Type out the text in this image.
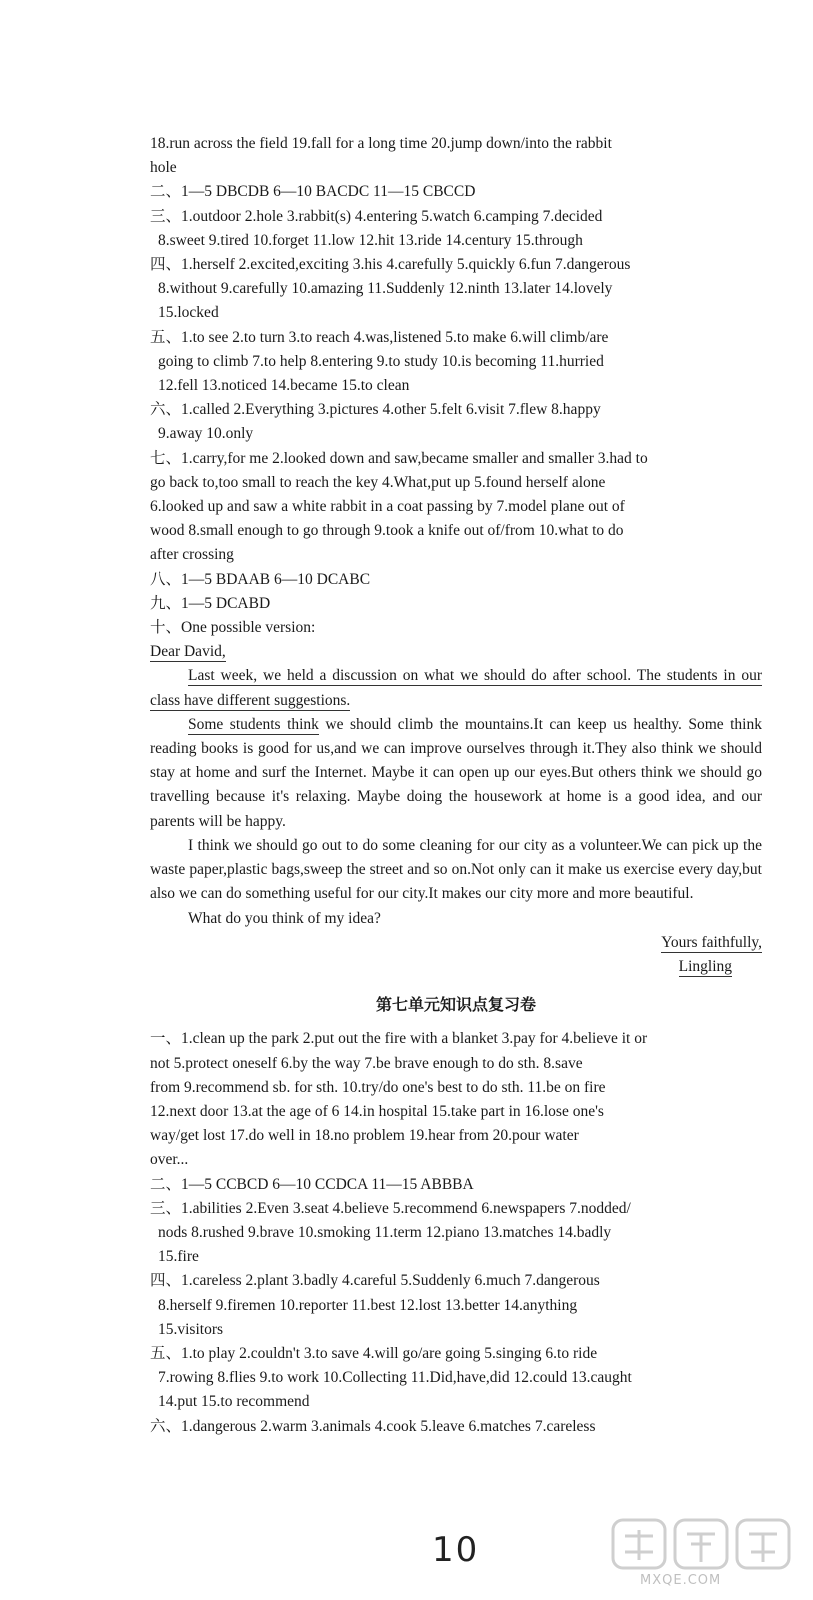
18.run across the field 19.fall for a long time 20.jump down/into the rabbit
hole
二、1—5 DBCDB 6—10 BACDC 11—15 CBCCD
三、1.outdoor 2.hole 3.rabbit(s) 4.entering 5.watch 6.camping 7.decided
8.sweet 9.tired 10.forget 11.low 12.hit 13.ride 14.century 15.through
四、1.herself 2.excited,exciting 3.his 4.carefully 5.quickly 6.fun 7.dangerous
8.without 9.carefully 10.amazing 11.Suddenly 12.ninth 13.later 14.lovely
15.locked
五、1.to see 2.to turn 3.to reach 4.was,listened 5.to make 6.will climb/are
going to climb 7.to help 8.entering 9.to study 10.is becoming 11.hurried
12.fell 13.noticed 14.became 15.to clean
六、1.called 2.Everything 3.pictures 4.other 5.felt 6.visit 7.flew 8.happy
9.away 10.only
七、1.carry,for me 2.looked down and saw,became smaller and smaller 3.had to
go back to,too small to reach the key 4.What,put up 5.found herself alone
6.looked up and saw a white rabbit in a coat passing by 7.model plane out of
wood 8.small enough to go through 9.took a knife out of/from 10.what to do
after crossing
八、1—5 BDAAB 6—10 DCABC
九、1—5 DCABD
十、One possible version:
Dear David,
Last week, we held a discussion on what we should do after school. The students in our class have different suggestions.
Some students think we should climb the mountains.It can keep us healthy. Some think reading books is good for us,and we can improve ourselves through it.They also think we should stay at home and surf the Internet. Maybe it can open up our eyes.But others think we should go travelling because it's relaxing. Maybe doing the housework at home is a good idea, and our parents will be happy.
I think we should go out to do some cleaning for our city as a volunteer.We can pick up the waste paper,plastic bags,sweep the street and so on.Not only can it make us exercise every day,but also we can do something useful for our city.It makes our city more and more beautiful.
What do you think of my idea?
Yours faithfully,
Lingling
第七单元知识点复习卷
一、1.clean up the park 2.put out the fire with a blanket 3.pay for 4.believe it or
not 5.protect oneself 6.by the way 7.be brave enough to do sth. 8.save
from 9.recommend sb. for sth. 10.try/do one's best to do sth. 11.be on fire
12.next door 13.at the age of 6 14.in hospital 15.take part in 16.lose one's
way/get lost 17.do well in 18.no problem 19.hear from 20.pour water
over...
二、1—5 CCBCD 6—10 CCDCA 11—15 ABBBA
三、1.abilities 2.Even 3.seat 4.believe 5.recommend 6.newspapers 7.nodded/
nods 8.rushed 9.brave 10.smoking 11.term 12.piano 13.matches 14.badly
15.fire
四、1.careless 2.plant 3.badly 4.careful 5.Suddenly 6.much 7.dangerous
8.herself 9.firemen 10.reporter 11.best 12.lost 13.better 14.anything
15.visitors
五、1.to play 2.couldn't 3.to save 4.will go/are going 5.singing 6.to ride
7.rowing 8.flies 9.to work 10.Collecting 11.Did,have,did 12.could 13.caught
14.put 15.to recommend
六、1.dangerous 2.warm 3.animals 4.cook 5.leave 6.matches 7.careless
10
MXQE.COM
